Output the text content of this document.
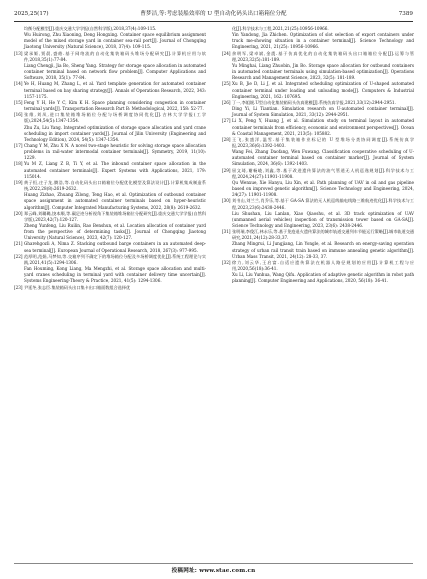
2025,25(17)	曹梦洁,等:考虑装船效率的 U 型自动化码头出口箱箱位分配	7389
均衡分配模型[J].重庆交通大学学报(自然科学版),2018,37(4):109-115.
Wu Huirong, Zhu Xiaoning, Deng Hongxing. Container space equilibrium assignment model of the mixed storage yard in container sea-rail port[J]. Journal of Chongqing Jiaotong University (Natural Science), 2018, 37(4): 109-115.
[13] 梁承姬,贾晨,盛皓.基于网络流的自动化集装箱码头堆场分配研究[J].计算机应用与软件,2018,35(1):77-84.
Liang Chengji, Jia Bo, Sheng Yang. Strategy for storage space allocation in automated container terminal based on network flow problem[J]. Computer Applications and Software, 2018, 35(1): 77-84.
[14] Ye H, Huang M, Zhang L, et al. Yard template generation for automated container terminal based on bay sharing strategy[J]. Annals of Operations Research, 2022, 343: 1157-1175.
[15] Feng Y H, He Y C, Kim K H. Space planning considering congestion in container terminal yards[J]. Transportation Research Part B: Methodological, 2022, 158: 52-77.
[16] 张维,刘凤,进口集装箱堆场箱位分配与场桥调度协同优化[J].吉林大学学报(工学版),2024,54(5):1347-1354.
Zhu Zu, Liu Yang. Integrated optimization of storage space allocation and yard crane scheduling in import container yards[J]. Journal of Jilin University (Engineering and Technology Edition), 2024, 54(5): 1347-1354.
[17] Chang Y M, Zhu X N. A novel two-stage heuristic for solving storage space allocation problems in rail-water intermodal container terminals[J]. Symmetry, 2019, 11(10): 1229.
[18] Yu M Z, Liang Z B, Ti Y, et al. The inbound container space allocation in the automated container terminals[J]. Expert Systems with Applications, 2021, 179: 115014.
[19] 黄子恒,庄子龙,腾浩,等.自动化码头出口箱箱位分配优化模型及算法设计[J].计算机集成制造系统,2022,28(8):2619-2632.
Huang Zizhao, Zhuang Zilong, Teng Hao, et al. Optimization of outbound container space assignment in automated container terminals based on hyper-heuristic algorithm[J]. Computer Integrated Manufacturing Systems, 2022, 28(8): 2619-2632.
[20] 郑云峰,刘璐璐,饶本顺,等.碳足迹分析视角下集装箱堆场箱位分配研究[J].重庆交通大学学报(自然科学版),2023,42(7):120-127.
Zheng Yunfeng, Liu Ruilin, Rao Benshun, et al. Location allocation of container yard from the perspective of determining tasks[J]. Journal of Chongqing Jiaotong University (Natural Science), 2023, 42(7): 120-127.
[21] Gharehgozli A, Nima Z. Stacking outbound barge containers in an automated deep-sea terminal[J]. European Journal of Operational Research, 2018, 267(3): 977-995.
[22] 范厚明,范娟,马梦知,等.交箱序列不确定下的堆场箱位分配及多场桥调度优化[J].系统工程理论与实践,2021,41(5):1294-1306.
Fan Houming, Kong Liang, Ma Mengzhi, et al. Storage space allocation and multi-yard cranes scheduling in terminal yard with container delivery time uncertain[J]. Systems Engineering-Theory & Practice, 2021, 41(5): 1294-1306.
[23] 尹延冬,张志臣.集装箱码头出口集卡出口箱面数组合选择优
化[J].科学技术与工程,2021,21(25):10956-10966.
Yin Yandong, Jia Zhichen. Optimization of slot selection of export containers under truck me-showing situation in a container terminal[J]. Science Technology and Engineering, 2021, 21(25): 10956-10966.
[24] 余明军,梁卓斌,金震.基于仿真优化的自动化集装箱码头出口箱箱位分配[J].运筹与管理,2023,32(5):181-189.
Yu Minghai, Liang Zhuobin, Jin Bo. Storage space allocation for outbound containers in automated container terminals using simulation-based optimization[J]. Operations Research and Management Science, 2023, 32(5): 181-189.
[25] Xu B, Jie D, Li J, et al. Integrated scheduling optimization of U-shaped automated container terminal under loading and unloading mode[J]. Computers & Industrial Engineering, 2021, 162: 107695.
[26] 丁一,李姐媛.U型自动化集装箱码头仿真建模[J].系统仿真学报,2021,33(12):2944-2951.
Ding Yi, Li Tiantian. Simulation research on U-automated container terminal[J]. Journal of System Simulation, 2021, 33(12): 2944-2951.
[27] Li X, Peng Y, Huang J, et al. Simulation study on terminal layout in automated container terminals from efficiency, economic and environment perspectives[J]. Ocean & Coastal Management, 2021, 213(5): 105882.
[28] 王飞,张盛洋,温雪.基于集装箱作业标记的 U 型堆场分类协同调度[J].系统仿真学报,2023,36(6):1392-1403.
Wang Fei, Zhang Daofang, Wen Fuwang. Classification cooperative scheduling of U-automated container terminal based on container marker[J]. Journal of System Simulation, 2024, 36(6): 1392-1403.
[29] 屈文琦,谢畅峻,刘鑫,等.基于改进遗传算法的油气管道无人机巡逸规划[J].科学技术与工程,2024,24(27):11901-11908.
Qu Wenxue, Xie Hanyu, Liu Xin, et al. Path planning of UAV in oil and gas pipeline based on improved genetic algorithm[J]. Science Technology and Engineering, 2024, 24(27): 11901-11908.
[30] 刘书山,刘兰兰,肖乔乐,等.基于 GA-SA 算法的无人机巡线输电线路三维航迹优化[J].科学技术与工程,2023,23(6):2438-2446.
Liu Shushan, Liu Lanlan, Xiao Qiaoshu, et al. 3D track optimization of UAV (unmanned aerial vehicles) inspection of transmission tower based on GA-SA[J]. Science Technology and Engineering, 2023, 23(6): 2438-2446.
[31] 张明瑞,李俊江,林永乐,等.基于免疫退火遗传算法的城市轨道交通列车节能运行策略[J].城市轨道交通研究,2021,24(12):28-33,37.
Zhang Mingrui, Li Jungjiang, Lin Yongle, et al. Research on energy-saving operation strategy of urban rail transit train based on immune annealing genetic algorithm[J]. Urban Mass Transit, 2021, 24(12): 28-33, 37.
[32] 徐力,刘云华,王启富.自适应遗传算法在机器人路径规划的应用[J].计算机工程与应用,2020,56(18):36-41.
Xu Li, Liu Yunhua, Wang Qifu. Application of adaptive genetic algorithm in robot path planning[J]. Computer Engineering and Applications, 2020, 56(18): 36-41.
投稿网址: www.stae.com.cn
